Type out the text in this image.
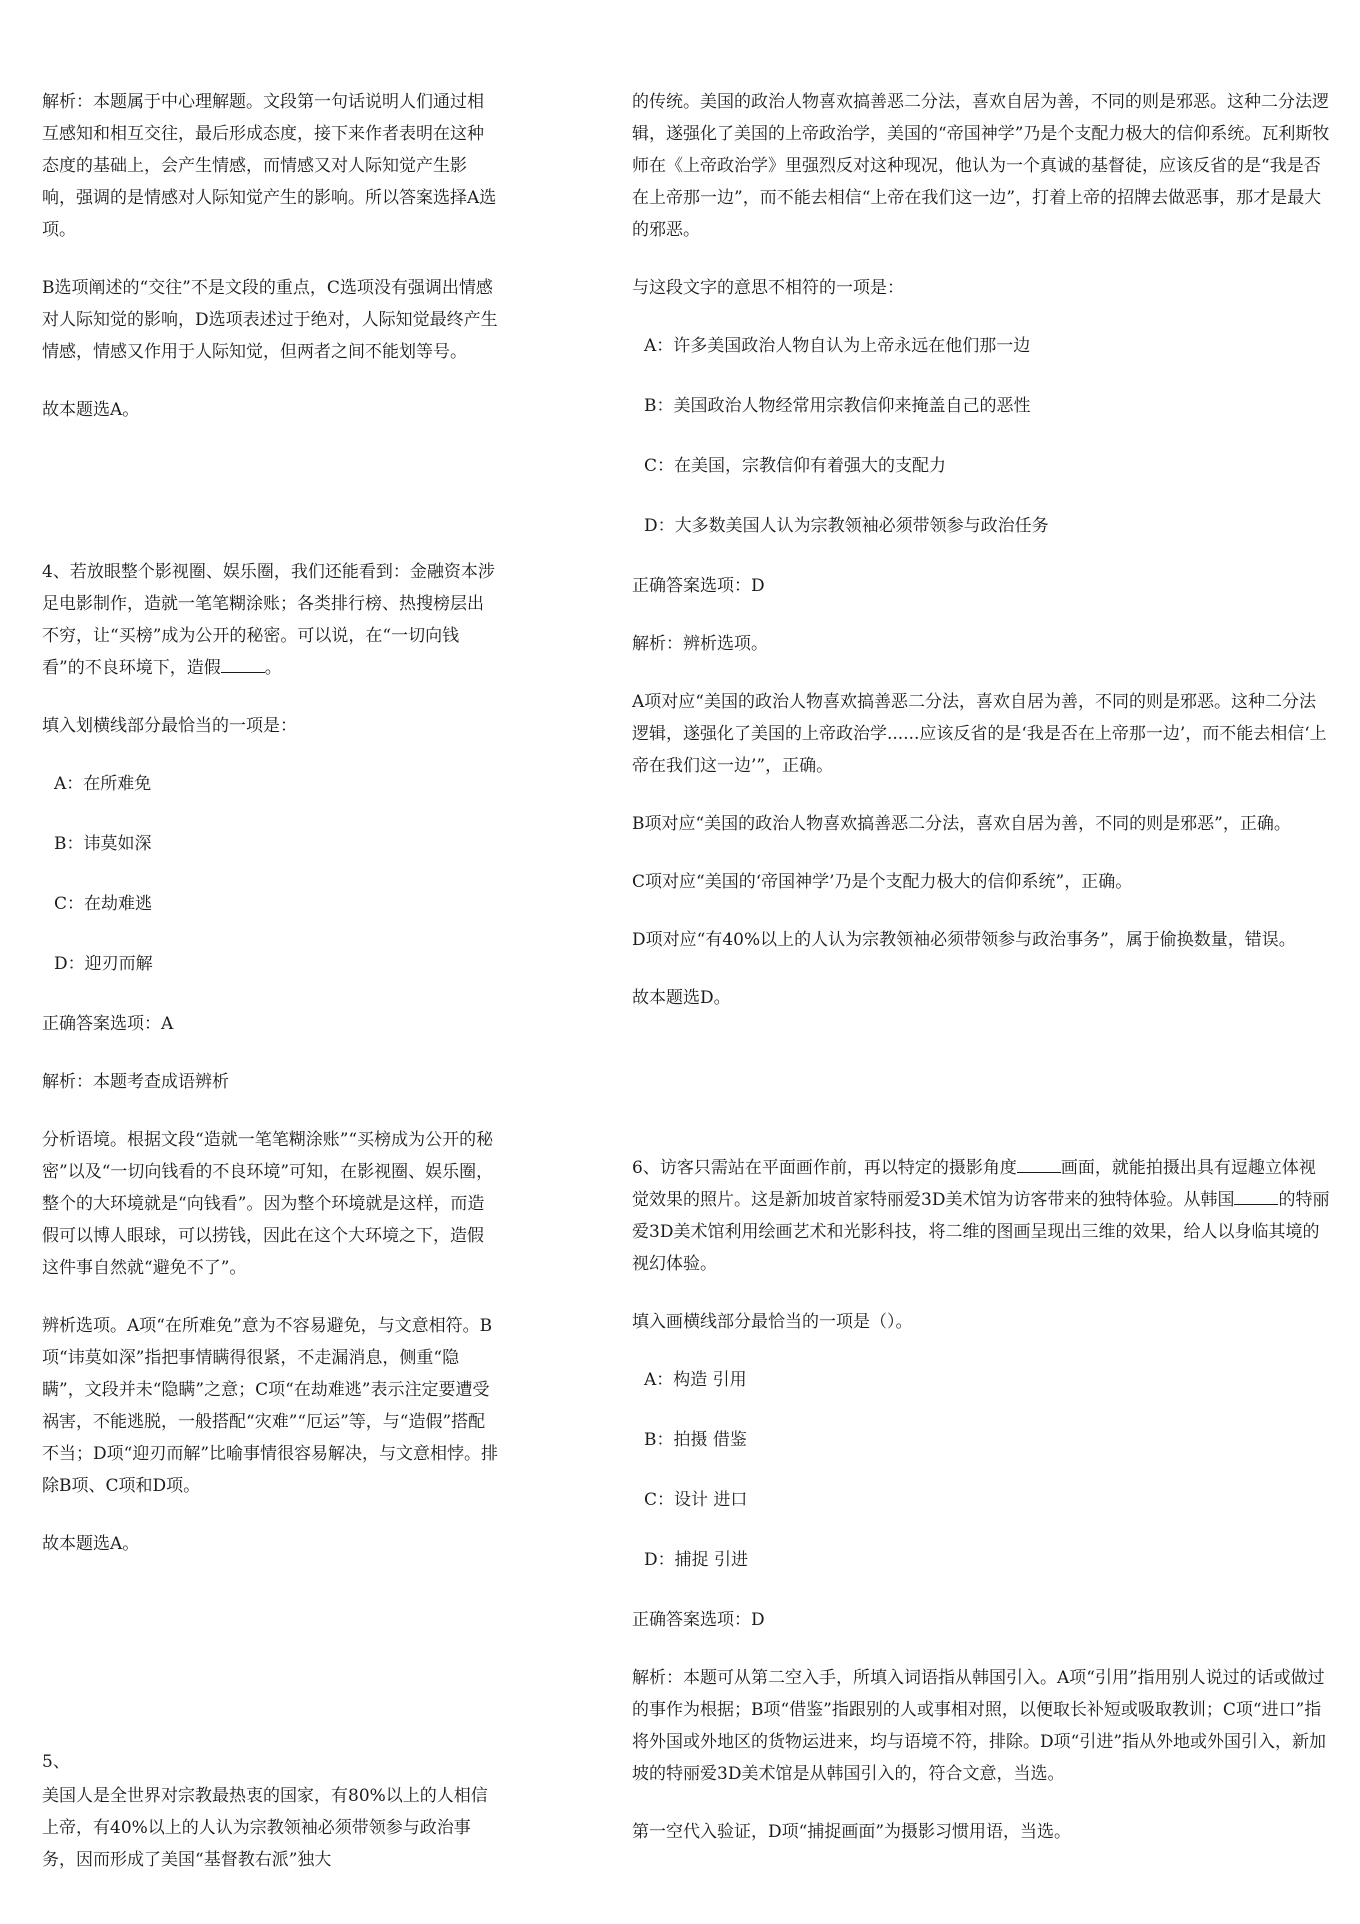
解析：本题属于中心理解题。文段第一句话说明人们通过相互感知和相互交往，最后形成态度，接下来作者表明在这种态度的基础上，会产生情感，而情感又对人际知觉产生影响，强调的是情感对人际知觉产生的影响。所以答案选择A选项。

B选项阐述的“交往”不是文段的重点，C选项没有强调出情感对人际知觉的影响，D选项表述过于绝对，人际知觉最终产生情感，情感又作用于人际知觉，但两者之间不能划等号。

故本题选A。

4、若放眼整个影视圈、娱乐圈，我们还能看到：金融资本涉足电影制作，造就一笔笔糊涂账；各类排行榜、热搜榜层出不穷，让“买榜”成为公开的秘密。可以说，在“一切向钱看”的不良环境下，造假	。

填入划横线部分最恰当的一项是：

A：在所难免

B：讳莫如深

C：在劫难逃

D：迎刃而解

正确答案选项：A

解析：本题考查成语辨析

分析语境。根据文段“造就一笔笔糊涂账”“买榜成为公开的秘密”以及“一切向钱看的不良环境”可知，在影视圈、娱乐圈，整个的大环境就是“向钱看”。因为整个环境就是这样，而造假可以博人眼球，可以捞钱，因此在这个大环境之下，造假这件事自然就“避免不了”。

辨析选项。A项“在所难免”意为不容易避免，与文意相符。B项“讳莫如深”指把事情瞒得很紧，不走漏消息，侧重“隐瞒”，文段并未“隐瞒”之意；C项“在劫难逃”表示注定要遭受祸害，不能逃脱，一般搭配“灾难”“厄运”等，与“造假”搭配不当；D项“迎刃而解”比喻事情很容易解决，与文意相悖。排除B项、C项和D项。

故本题选A。

5、

美国人是全世界对宗教最热衷的国家，有80%以上的人相信上帝，有40%以上的人认为宗教领袖必须带领参与政治事务，因而形成了美国“基督教右派”独大

的传统。美国的政治人物喜欢搞善恶二分法，喜欢自居为善，不同的则是邪恶。这种二分法逻辑，遂强化了美国的上帝政治学，美国的“帝国神学”乃是个支配力极大的信仰系统。瓦利斯牧师在《上帝政治学》里强烈反对这种现况，他认为一个真诚的基督徒，应该反省的是“我是否在上帝那一边”，而不能去相信“上帝在我们这一边”，打着上帝的招牌去做恶事，那才是最大的邪恶。

与这段文字的意思不相符的一项是：

A：许多美国政治人物自认为上帝永远在他们那一边

B：美国政治人物经常用宗教信仰来掩盖自己的恶性

C：在美国，宗教信仰有着强大的支配力

D：大多数美国人认为宗教领袖必须带领参与政治任务

正确答案选项：D

解析：辨析选项。

A项对应“美国的政治人物喜欢搞善恶二分法，喜欢自居为善，不同的则是邪恶。这种二分法逻辑，遂强化了美国的上帝政治学......应该反省的是‘我是否在上帝那一边’，而不能去相信‘上帝在我们这一边’”，正确。

B项对应“美国的政治人物喜欢搞善恶二分法，喜欢自居为善，不同的则是邪恶”，正确。

C项对应“美国的‘帝国神学’乃是个支配力极大的信仰系统”，正确。

D项对应“有40%以上的人认为宗教领袖必须带领参与政治事务”，属于偷换数量，错误。

故本题选D。

6、访客只需站在平面画作前，再以特定的摄影角度	画面，就能拍摄出具有逗趣立体视觉效果的照片。这是新加坡首家特丽爱3D美术馆为访客带来的独特体验。从韩国	的特丽爱3D美术馆利用绘画艺术和光影科技，将二维的图画呈现出三维的效果，给人以身临其境的视幻体验。

填入画横线部分最恰当的一项是（）。

A：构造 引用

B：拍摄 借鉴

C：设计 进口

D：捕捉 引进

正确答案选项：D

解析：本题可从第二空入手，所填入词语指从韩国引入。A项“引用”指用别人说过的话或做过的事作为根据；B项“借鉴”指跟别的人或事相对照，以便取长补短或吸取教训；C项“进口”指将外国或外地区的货物运进来，均与语境不符，排除。D项“引进”指从外地或外国引入，新加坡的特丽爱3D美术馆是从韩国引入的，符合文意，当选。

第一空代入验证，D项“捕捉画面”为摄影习惯用语，当选。
